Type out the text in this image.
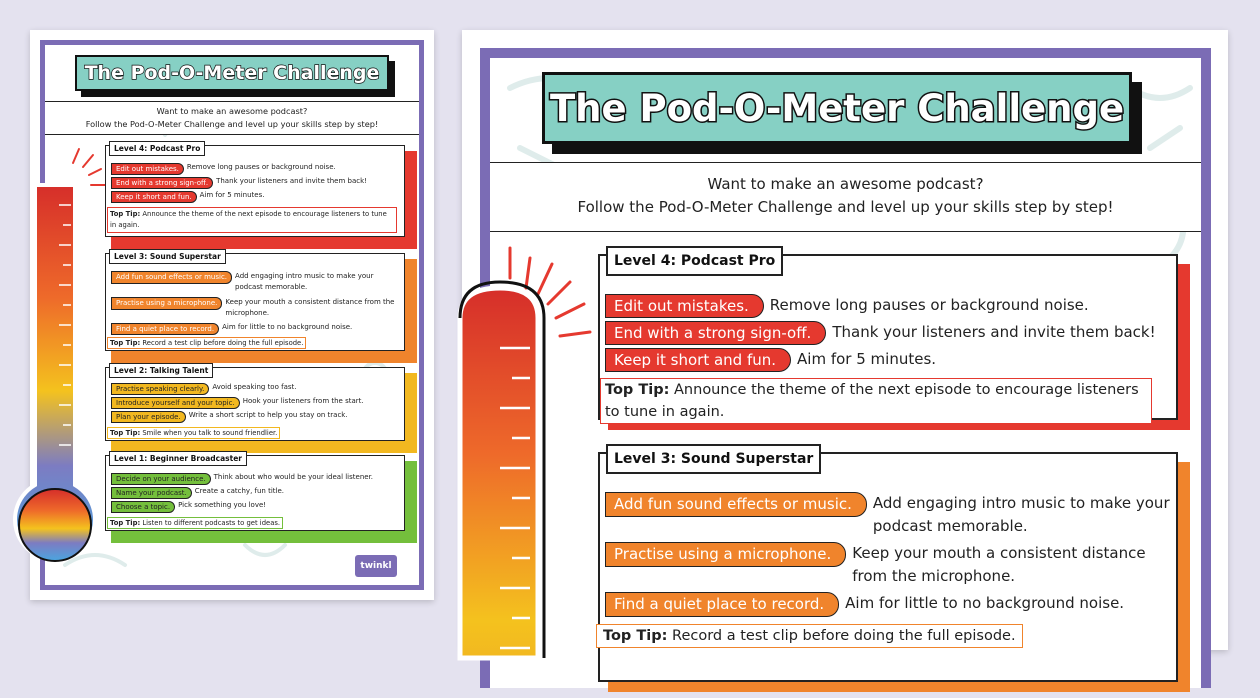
The Pod-O-Meter Challenge
Want to make an awesome podcast?
Follow the Pod-O-Meter Challenge and level up your skills step by step!
Level 4: Podcast Pro
Edit out mistakes.	Remove long pauses or background noise.
End with a strong sign-off.	Thank your listeners and invite them back!
Keep it short and fun.	Aim for 5 minutes.
Top Tip: Announce the theme of the next episode to encourage listeners to tune in again.
Level 3: Sound Superstar
Add fun sound effects or music.	Add engaging intro music to make your podcast memorable.
Practise using a microphone.	Keep your mouth a consistent distance from the microphone.
Find a quiet place to record.	Aim for little to no background noise.
Top Tip: Record a test clip before doing the full episode.
Level 2: Talking Talent
Practise speaking clearly.	Avoid speaking too fast.
Introduce yourself and your topic.	Hook your listeners from the start.
Plan your episode.	Write a short script to help you stay on track.
Top Tip: Smile when you talk to sound friendlier.
Level 1: Beginner Broadcaster
Decide on your audience.	Think about who would be your ideal listener.
Name your podcast.	Create a catchy, fun title.
Choose a topic.	Pick something you love!
Top Tip: Listen to different podcasts to get ideas.
twinkl
The Pod-O-Meter Challenge
Want to make an awesome podcast?
Follow the Pod-O-Meter Challenge and level up your skills step by step!
Level 4: Podcast Pro
Edit out mistakes.	Remove long pauses or background noise.
End with a strong sign-off.	Thank your listeners and invite them back!
Keep it short and fun.	Aim for 5 minutes.
Top Tip: Announce the theme of the next episode to encourage listeners to tune in again.
Level 3: Sound Superstar
Add fun sound effects or music.	Add engaging intro music to make your podcast memorable.
Practise using a microphone.	Keep your mouth a consistent distance from the microphone.
Find a quiet place to record.	Aim for little to no background noise.
Top Tip: Record a test clip before doing the full episode.
